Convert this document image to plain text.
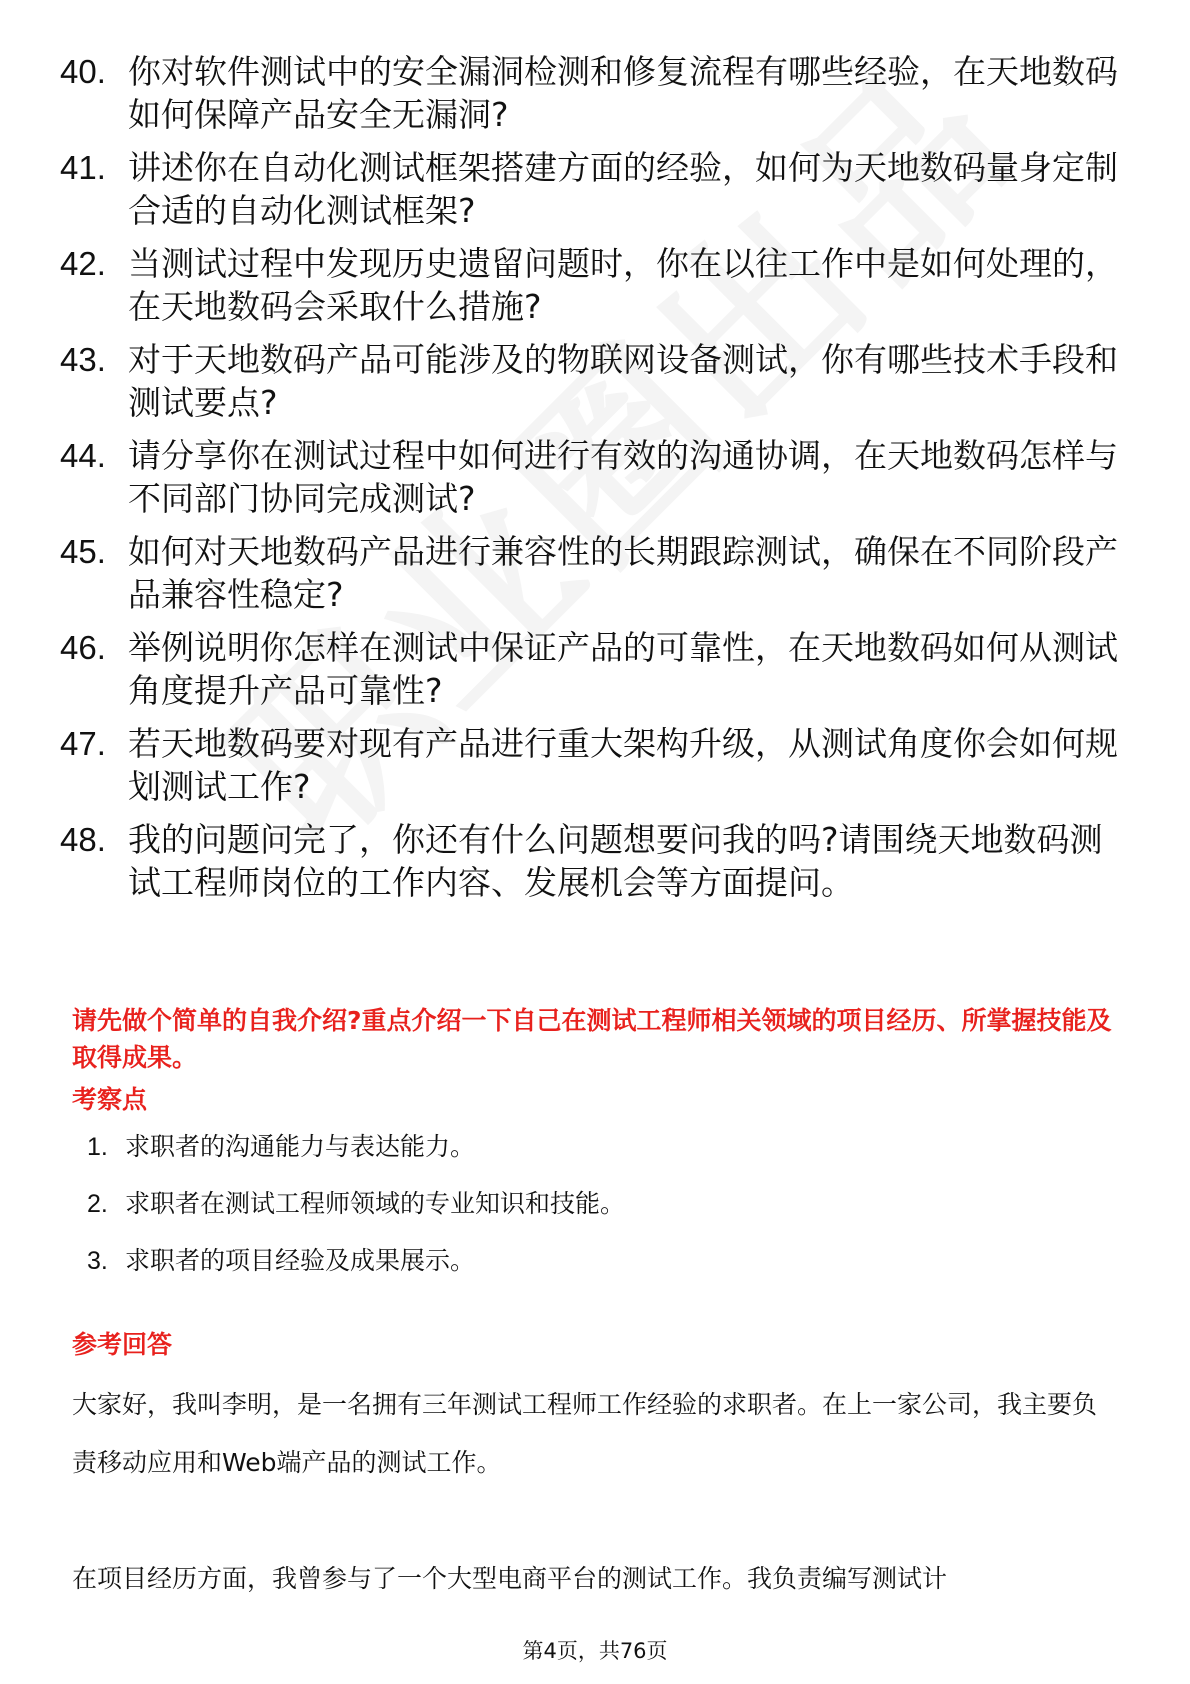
40. 你对软件测试中的安全漏洞检测和修复流程有哪些经验，在天地数码如何保障产品安全无漏洞?
41. 讲述你在自动化测试框架搭建方面的经验，如何为天地数码量身定制合适的自动化测试框架?
42. 当测试过程中发现历史遗留问题时，你在以往工作中是如何处理的，在天地数码会采取什么措施?
43. 对于天地数码产品可能涉及的物联网设备测试，你有哪些技术手段和测试要点?
44. 请分享你在测试过程中如何进行有效的沟通协调，在天地数码怎样与不同部门协同完成测试?
45. 如何对天地数码产品进行兼容性的长期跟踪测试，确保在不同阶段产品兼容性稳定?
46. 举例说明你怎样在测试中保证产品的可靠性，在天地数码如何从测试角度提升产品可靠性?
47. 若天地数码要对现有产品进行重大架构升级，从测试角度你会如何规划测试工作?
48. 我的问题问完了，你还有什么问题想要问我的吗?请围绕天地数码测试工程师岗位的工作内容、发展机会等方面提问。
请先做个简单的自我介绍?重点介绍一下自己在测试工程师相关领域的项目经历、所掌握技能及取得成果。
考察点
1. 求职者的沟通能力与表达能力。
2. 求职者在测试工程师领域的专业知识和技能。
3. 求职者的项目经验及成果展示。
参考回答
大家好，我叫李明，是一名拥有三年测试工程师工作经验的求职者。在上一家公司，我主要负责移动应用和Web端产品的测试工作。
在项目经历方面，我曾参与了一个大型电商平台的测试工作。我负责编写测试计
第4页，共76页
